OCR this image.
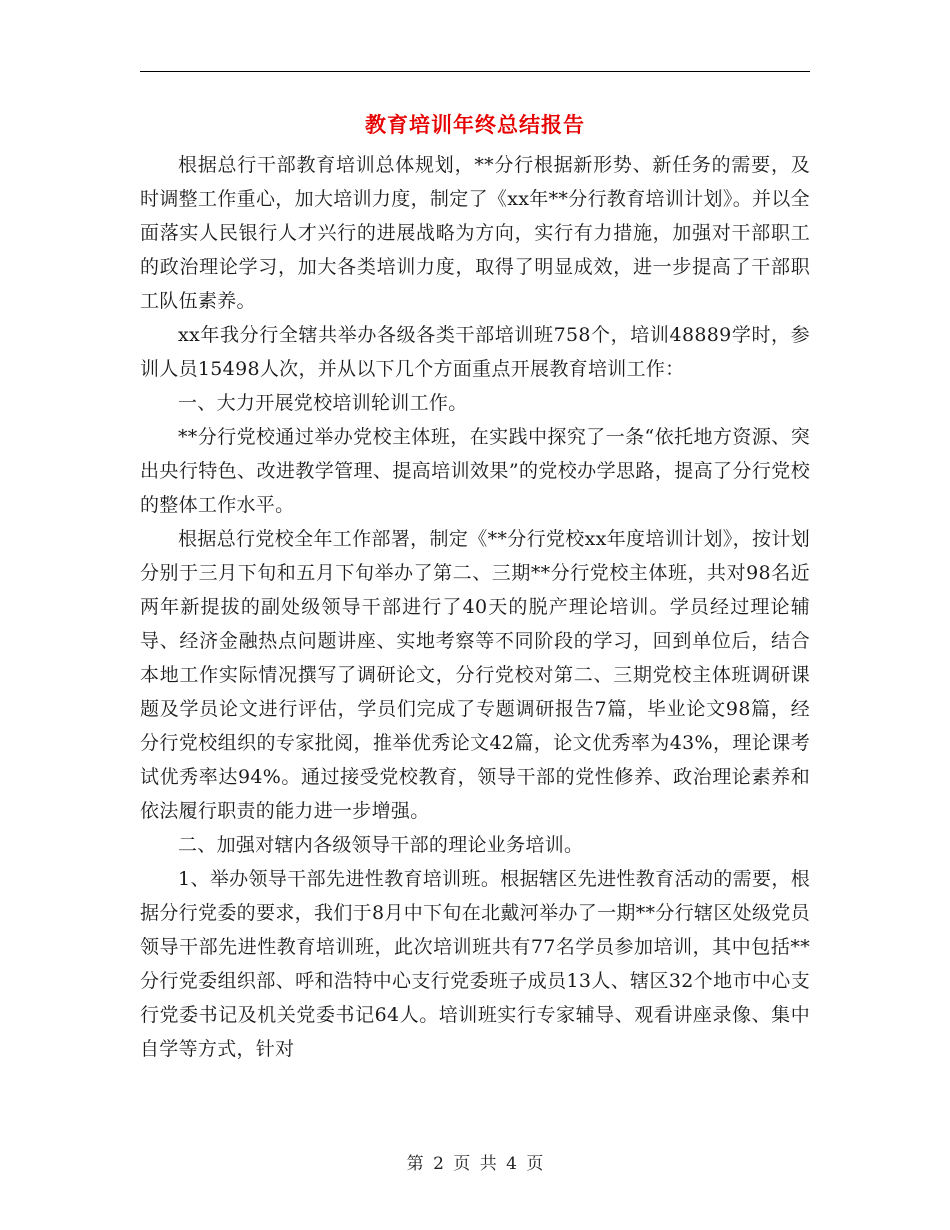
教育培训年终总结报告

根据总行干部教育培训总体规划，**分行根据新形势、新任务的需要，及时调整工作重心，加大培训力度，制定了《xx年**分行教育培训计划》。并以全面落实人民银行人才兴行的进展战略为方向，实行有力措施，加强对干部职工的政治理论学习，加大各类培训力度，取得了明显成效，进一步提高了干部职工队伍素养。

xx年我分行全辖共举办各级各类干部培训班758个，培训48889学时，参训人员15498人次，并从以下几个方面重点开展教育培训工作：

一、大力开展党校培训轮训工作。

**分行党校通过举办党校主体班，在实践中探究了一条“依托地方资源、突出央行特色、改进教学管理、提高培训效果”的党校办学思路，提高了分行党校的整体工作水平。

根据总行党校全年工作部署，制定《**分行党校xx年度培训计划》，按计划分别于三月下旬和五月下旬举办了第二、三期**分行党校主体班，共对98名近两年新提拔的副处级领导干部进行了40天的脱产理论培训。学员经过理论辅导、经济金融热点问题讲座、实地考察等不同阶段的学习，回到单位后，结合本地工作实际情况撰写了调研论文，分行党校对第二、三期党校主体班调研课题及学员论文进行评估，学员们完成了专题调研报告7篇，毕业论文98篇，经分行党校组织的专家批阅，推举优秀论文42篇，论文优秀率为43%，理论课考试优秀率达94%。通过接受党校教育，领导干部的党性修养、政治理论素养和依法履行职责的能力进一步增强。

二、加强对辖内各级领导干部的理论业务培训。

1、举办领导干部先进性教育培训班。根据辖区先进性教育活动的需要，根据分行党委的要求，我们于8月中下旬在北戴河举办了一期**分行辖区处级党员领导干部先进性教育培训班，此次培训班共有77名学员参加培训，其中包括**分行党委组织部、呼和浩特中心支行党委班子成员13人、辖区32个地市中心支行党委书记及机关党委书记64人。培训班实行专家辅导、观看讲座录像、集中自学等方式，针对

第 2 页 共 4 页
